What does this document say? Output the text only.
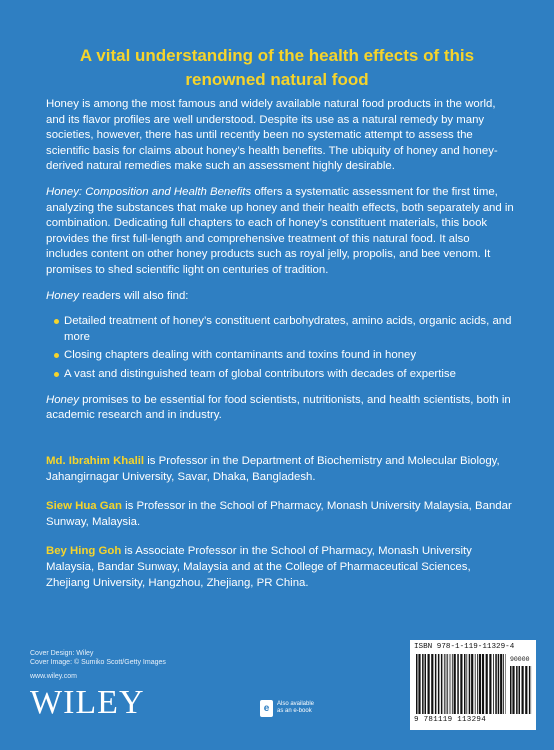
A vital understanding of the health effects of this
renowned natural food

Honey is among the most famous and widely available natural food products in the world, and its flavor profiles are well understood. Despite its use as a natural remedy by many societies, however, there has until recently been no systematic attempt to assess the scientific basis for claims about honey’s health benefits. The ubiquity of honey and honey-derived natural remedies make such an assessment highly desirable.

Honey: Composition and Health Benefits offers a systematic assessment for the first time, analyzing the substances that make up honey and their health effects, both separately and in combination. Dedicating full chapters to each of honey’s constituent materials, this book provides the first full-length and comprehensive treatment of this natural food. It also includes content on other honey products such as royal jelly, propolis, and bee venom. It promises to shed scientific light on centuries of tradition.

Honey readers will also find:

Detailed treatment of honey’s constituent carbohydrates, amino acids, organic acids, and more
Closing chapters dealing with contaminants and toxins found in honey
A vast and distinguished team of global contributors with decades of expertise

Honey promises to be essential for food scientists, nutritionists, and health scientists, both in academic research and in industry.

Md. Ibrahim Khalil is Professor in the Department of Biochemistry and Molecular Biology, Jahangirnagar University, Savar, Dhaka, Bangladesh.

Siew Hua Gan is Professor in the School of Pharmacy, Monash University Malaysia, Bandar Sunway, Malaysia.

Bey Hing Goh is Associate Professor in the School of Pharmacy, Monash University Malaysia, Bandar Sunway, Malaysia and at the College of Pharmaceutical Sciences, Zhejiang University, Hangzhou, Zhejiang, PR China.

Cover Design: Wiley
Cover Image: © Sumiko Scott/Getty Images
www.wiley.com
WILEY	e	Also available
as an e-book
ISBN 978-1-119-11329-4
90000
9 781119 113294
